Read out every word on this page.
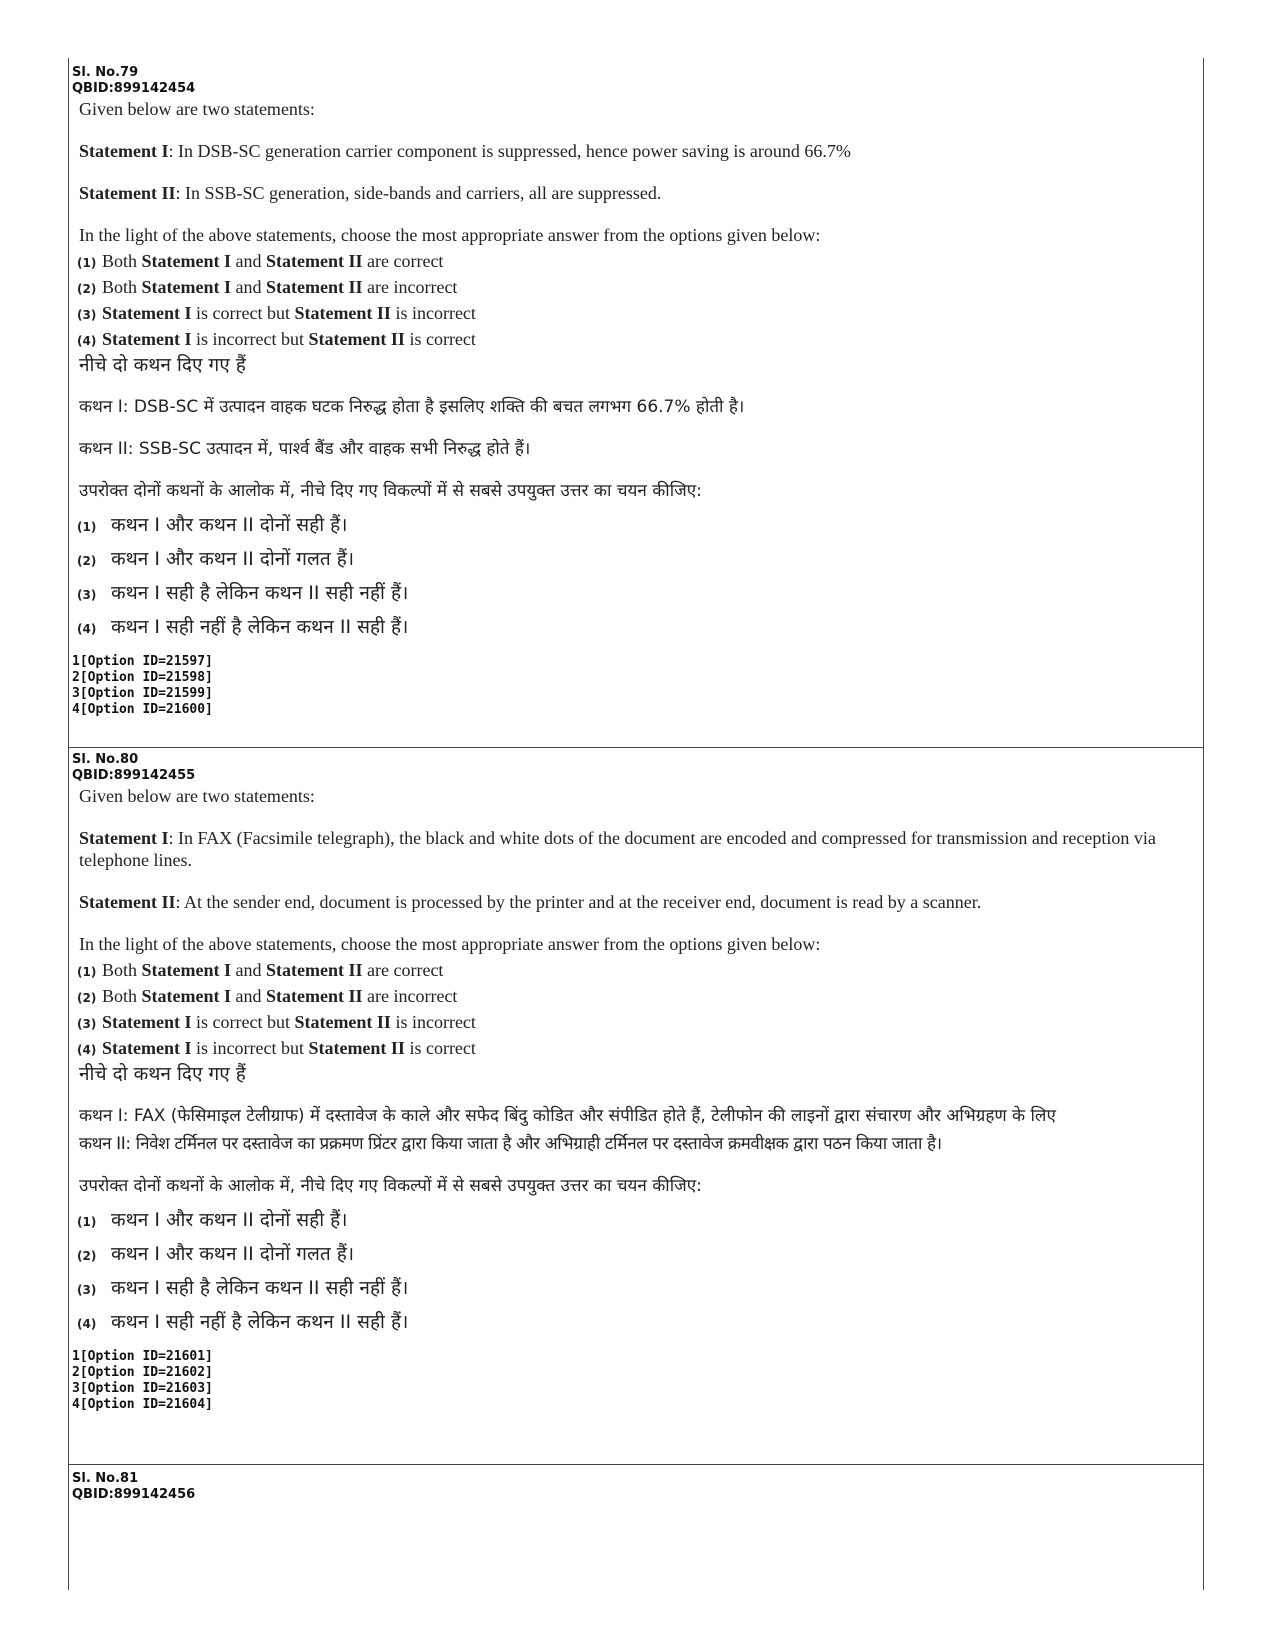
Sl. No.79
QBID:899142454
Given below are two statements:
Statement I: In DSB-SC generation carrier component is suppressed, hence power saving is around 66.7%
Statement II: In SSB-SC generation, side-bands and carriers, all are suppressed.
In the light of the above statements, choose the most appropriate answer from the options given below:
(1) Both Statement I and Statement II are correct
(2) Both Statement I and Statement II are incorrect
(3) Statement I is correct but Statement II is incorrect
(4) Statement I is incorrect but Statement II is correct
नीचे दो कथन दिए गए हैं
कथन I: DSB-SC में उत्पादन वाहक घटक निरुद्ध होता है इसलिए शक्ति की बचत लगभग 66.7% होती है।
कथन II: SSB-SC उत्पादन में, पार्श्व बैंड और वाहक सभी निरुद्ध होते हैं।
उपरोक्त दोनों कथनों के आलोक में, नीचे दिए गए विकल्पों में से सबसे उपयुक्त उत्तर का चयन कीजिए:
(1) कथन I और कथन II दोनों सही हैं।
(2) कथन I और कथन II दोनों गलत हैं।
(3) कथन I सही है लेकिन कथन II सही नहीं हैं।
(4) कथन I सही नहीं है लेकिन कथन II सही हैं।
1[Option ID=21597]
2[Option ID=21598]
3[Option ID=21599]
4[Option ID=21600]
Sl. No.80
QBID:899142455
Given below are two statements:
Statement I: In FAX (Facsimile telegraph), the black and white dots of the document are encoded and compressed for transmission and reception via telephone lines.
Statement II: At the sender end, document is processed by the printer and at the receiver end, document is read by a scanner.
In the light of the above statements, choose the most appropriate answer from the options given below:
(1) Both Statement I and Statement II are correct
(2) Both Statement I and Statement II are incorrect
(3) Statement I is correct but Statement II is incorrect
(4) Statement I is incorrect but Statement II is correct
नीचे दो कथन दिए गए हैं
कथन I: FAX (फेसिमाइल टेलीग्राफ) में दस्तावेज के काले और सफेद बिंदु कोडित और संपीडित होते हैं, टेलीफोन की लाइनों द्वारा संचारण और अभिग्रहण के लिए
कथन II: निवेश टर्मिनल पर दस्तावेज का प्रक्रमण प्रिंटर द्वारा किया जाता है और अभिग्राही टर्मिनल पर दस्तावेज क्रमवीक्षक द्वारा पठन किया जाता है।
उपरोक्त दोनों कथनों के आलोक में, नीचे दिए गए विकल्पों में से सबसे उपयुक्त उत्तर का चयन कीजिए:
(1) कथन I और कथन II दोनों सही हैं।
(2) कथन I और कथन II दोनों गलत हैं।
(3) कथन I सही है लेकिन कथन II सही नहीं हैं।
(4) कथन I सही नहीं है लेकिन कथन II सही हैं।
1[Option ID=21601]
2[Option ID=21602]
3[Option ID=21603]
4[Option ID=21604]
Sl. No.81
QBID:899142456
